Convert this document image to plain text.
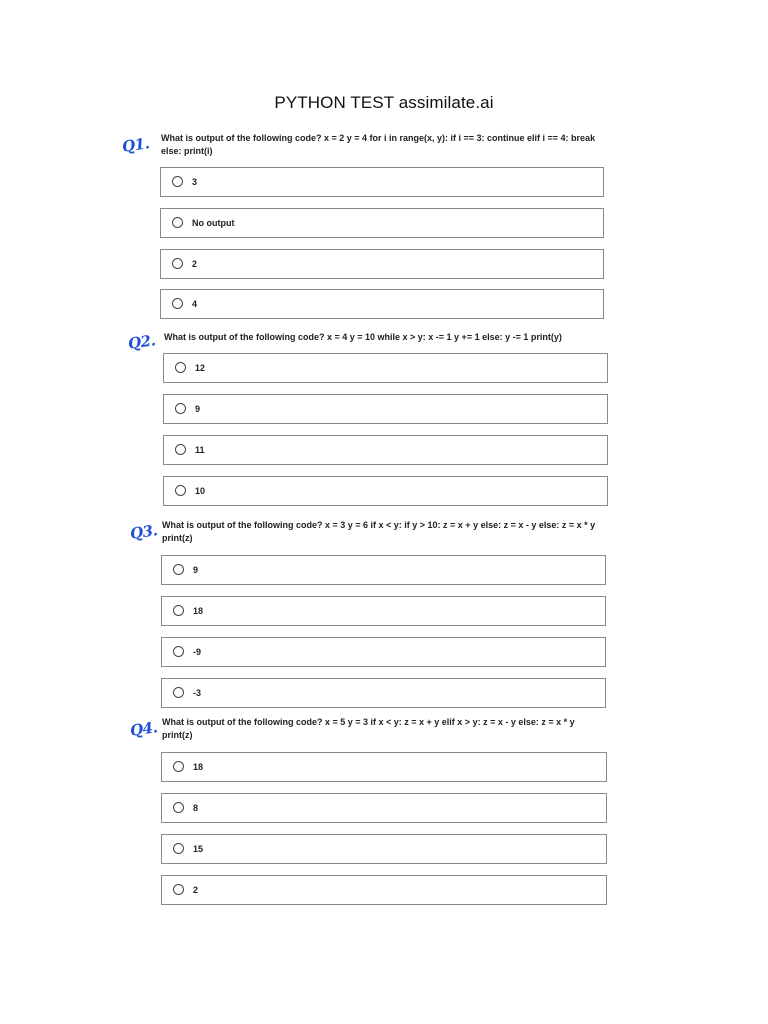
PYTHON TEST assimilate.ai
Q1. What is output of the following code? x = 2 y = 4 for i in range(x, y): if i == 3: continue elif i == 4: break else: print(i)
3
No output
2
4
Q2. What is output of the following code? x = 4 y = 10 while x > y: x -= 1 y += 1 else: y -= 1 print(y)
12
9
11
10
Q3. What is output of the following code? x = 3 y = 6 if x < y: if y > 10: z = x + y else: z = x - y else: z = x * y print(z)
9
18
-9
-3
Q4. What is output of the following code? x = 5 y = 3 if x < y: z = x + y elif x > y: z = x - y else: z = x * y print(z)
18
8
15
2
